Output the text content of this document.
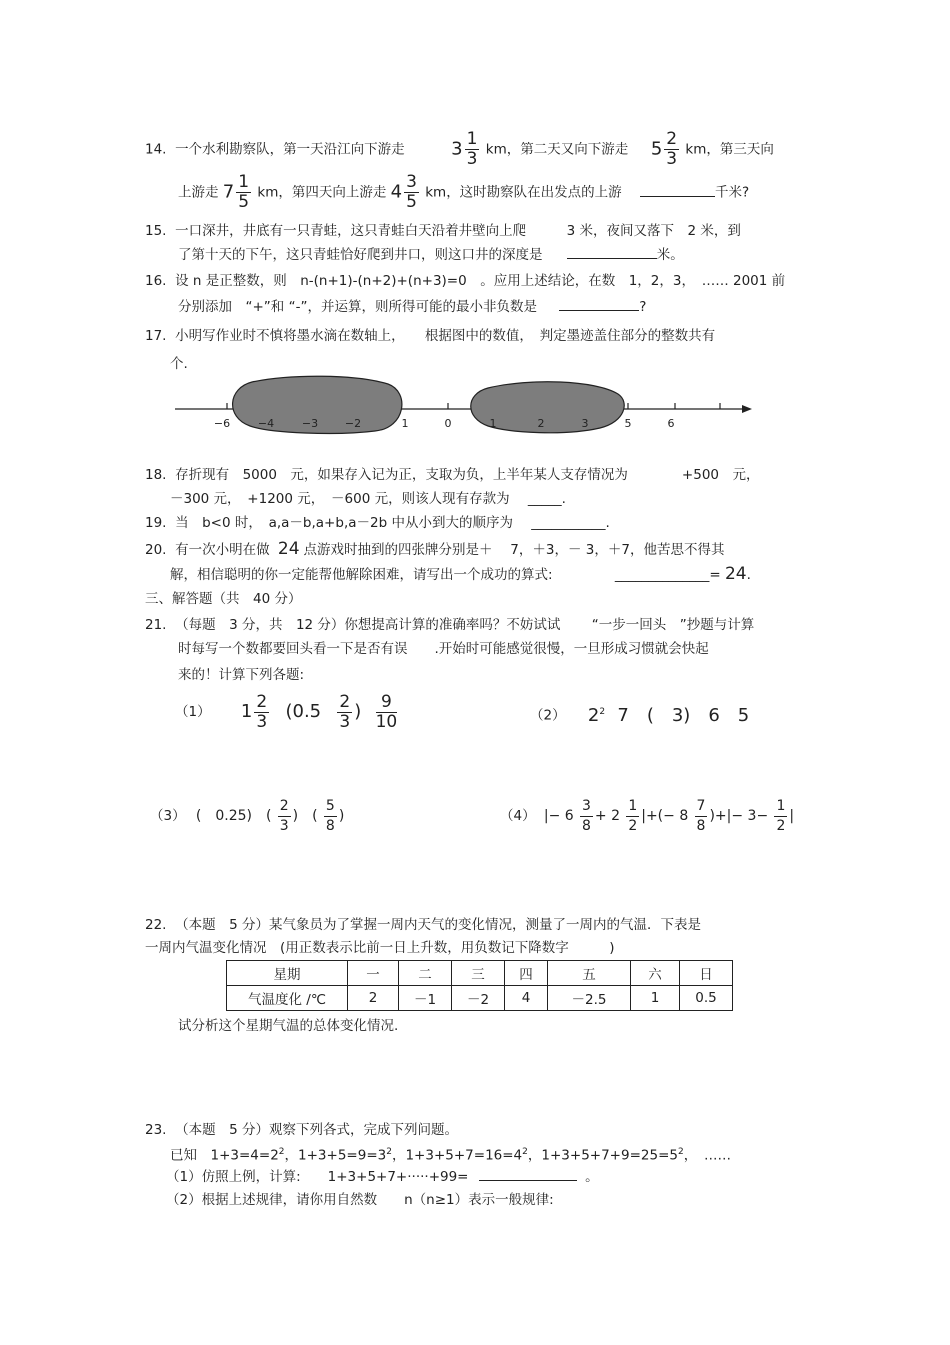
14. 一个水利勘察队，第一天沿江向下游走	$3 \frac{1}{3}$ km，第二天又向下游走 $5 \frac{2}{3}$ km，第三天向
上游走 $7 \frac{1}{5}$ km，第四天向上游走 $4 \frac{3}{5}$ km，这时勘察队在出发点的上游	千米?
15. 一口深井，井底有一只青蛙，这只青蛙白天沿着井壁向上爬　　　3 米，夜间又落下　2 米，到
了第十天的下午，这只青蛙恰好爬到井口，则这口井的深度是	米。
16. 设 n 是正整数，则　n-(n+1)-(n+2)+(n+3)=0　。应用上述结论，在数　1，2，3，　…… 2001 前
分别添加　“+”和 “-”，并运算，则所得可能的最小非负数是	?
17. 小明写作业时不慎将墨水滴在数轴上，　　根据图中的数值，　判定墨迹盖住部分的整数共有
个.
−6	−4	−3 −2	1	0	1	2	3	5	6
18. 存折现有　5000　元，如果存入记为正，支取为负，上半年某人支存情况为　　　　+500　元，
－300 元，　+1200 元，　－600 元，则该人现有存款为 _____.
19. 当　b<0 时，　a,a－b,a+b,a－2b 中从小到大的顺序为 ___________.
20. 有一次小明在做 24 点游戏时抽到的四张牌分别是＋　 7，＋3，－ 3，＋7，他苦思不得其
解，相信聪明的你一定能帮他解除困难，请写出一个成功的算式:	______________= 24.
三、解答题（共　40 分）
21. （每题　3 分，共　12 分）你想提高计算的准确率吗？不妨试试　　 “一步一回头　”抄题与计算
时每写一个数都要回头看一下是否有误　　.开始时可能感觉很慢，一旦形成习惯就会快起
来的！计算下列各题:
（1） $1 \frac{2}{3} (0.5 \frac{2}{3}$ ) $\frac{9}{10}$	（2） $2^2$ 7　(　3)　6　5
（3） (　0.25)　( $\frac{2}{3}$ )　( $\frac{5}{8}$ )	（4） |− $6 \frac{3}{8} + 2 \frac{1}{2}$ |+(− $8 \frac{7}{8}$ )+|− $3- \frac{1}{2}$ |
22. （本题　5 分）某气象员为了掌握一周内天气的变化情况，测量了一周内的气温．下表是
一周内气温变化情况　(用正数表示比前一日上升数，用负数记下降数字　　　)
星期	一	二	三	四	五	六	日
气温度化 /℃	2	－1	－2	4	－2.5	1	0.5
试分析这个星期气温的总体变化情况.
23. （本题　5 分）观察下列各式，完成下列问题。
已知　$1+3=4=2^2$，$1+3+5=9=3^2$，$1+3+5+7=16=4^2$，$1+3+5+7+9=25=5^2$，　……
（1）仿照上例，计算:　　1+3+5+7+·····+99=	。
（2）根据上述规律，请你用自然数　　n（n≥1）表示一般规律:
